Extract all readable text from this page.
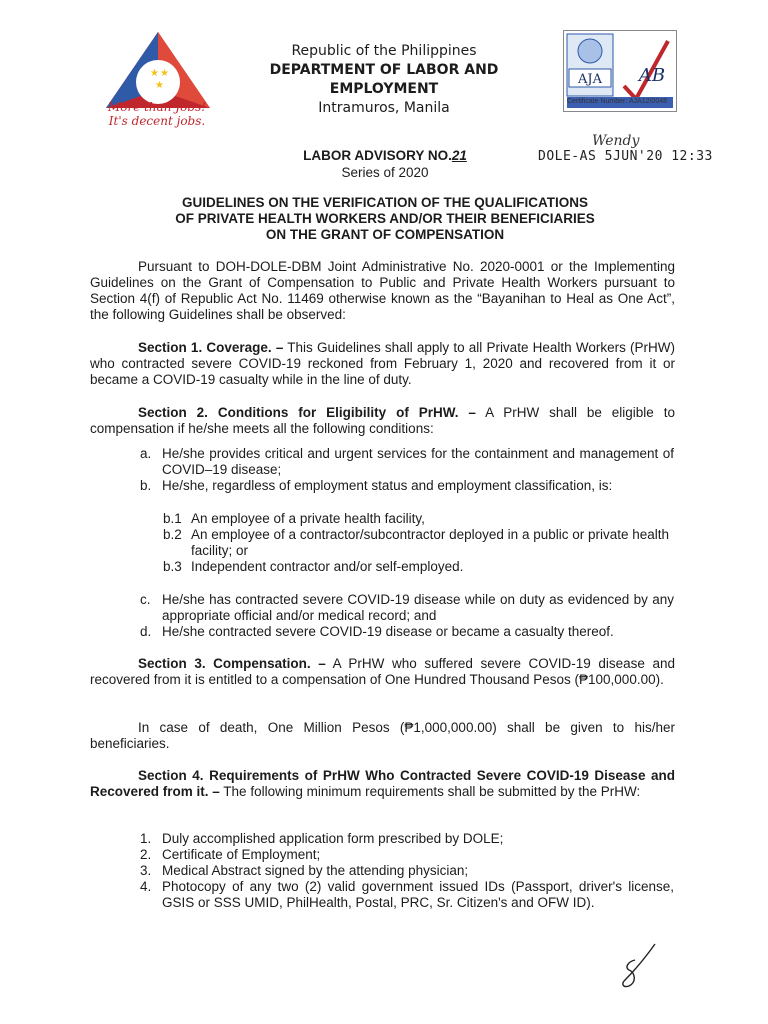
★ ★
★
More than Jobs!
It's decent jobs.
Republic of the Philippines
DEPARTMENT OF LABOR AND EMPLOYMENT
Intramuros, Manila
AJA AB
Certificate Number: AJA12/0048
LABOR ADVISORY NO.21
Series of 2020
Wendy
DOLE-AS 5JUN'20 12:33
GUIDELINES ON THE VERIFICATION OF THE QUALIFICATIONS
OF PRIVATE HEALTH WORKERS AND/OR THEIR BENEFICIARIES
ON THE GRANT OF COMPENSATION
Pursuant to DOH-DOLE-DBM Joint Administrative No. 2020-0001 or the Implementing Guidelines on the Grant of Compensation to Public and Private Health Workers pursuant to Section 4(f) of Republic Act No. 11469 otherwise known as the “Bayanihan to Heal as One Act”, the following Guidelines shall be observed:
Section 1. Coverage. – This Guidelines shall apply to all Private Health Workers (PrHW) who contracted severe COVID-19 reckoned from February 1, 2020 and recovered from it or became a COVID-19 casualty while in the line of duty.
Section 2. Conditions for Eligibility of PrHW. – A PrHW shall be eligible to compensation if he/she meets all the following conditions:
a. He/she provides critical and urgent services for the containment and management of COVID–19 disease;
b. He/she, regardless of employment status and employment classification, is:
b.1 An employee of a private health facility,
b.2 An employee of a contractor/subcontractor deployed in a public or private health facility; or
b.3 Independent contractor and/or self-employed.
c. He/she has contracted severe COVID-19 disease while on duty as evidenced by any appropriate official and/or medical record; and
d. He/she contracted severe COVID-19 disease or became a casualty thereof.
Section 3. Compensation. – A PrHW who suffered severe COVID-19 disease and recovered from it is entitled to a compensation of One Hundred Thousand Pesos (₱100,000.00).
In case of death, One Million Pesos (₱1,000,000.00) shall be given to his/her beneficiaries.
Section 4. Requirements of PrHW Who Contracted Severe COVID-19 Disease and Recovered from it. – The following minimum requirements shall be submitted by the PrHW:
1. Duly accomplished application form prescribed by DOLE;
2. Certificate of Employment;
3. Medical Abstract signed by the attending physician;
4. Photocopy of any two (2) valid government issued IDs (Passport, driver's license, GSIS or SSS UMID, PhilHealth, Postal, PRC, Sr. Citizen's and OFW ID).
